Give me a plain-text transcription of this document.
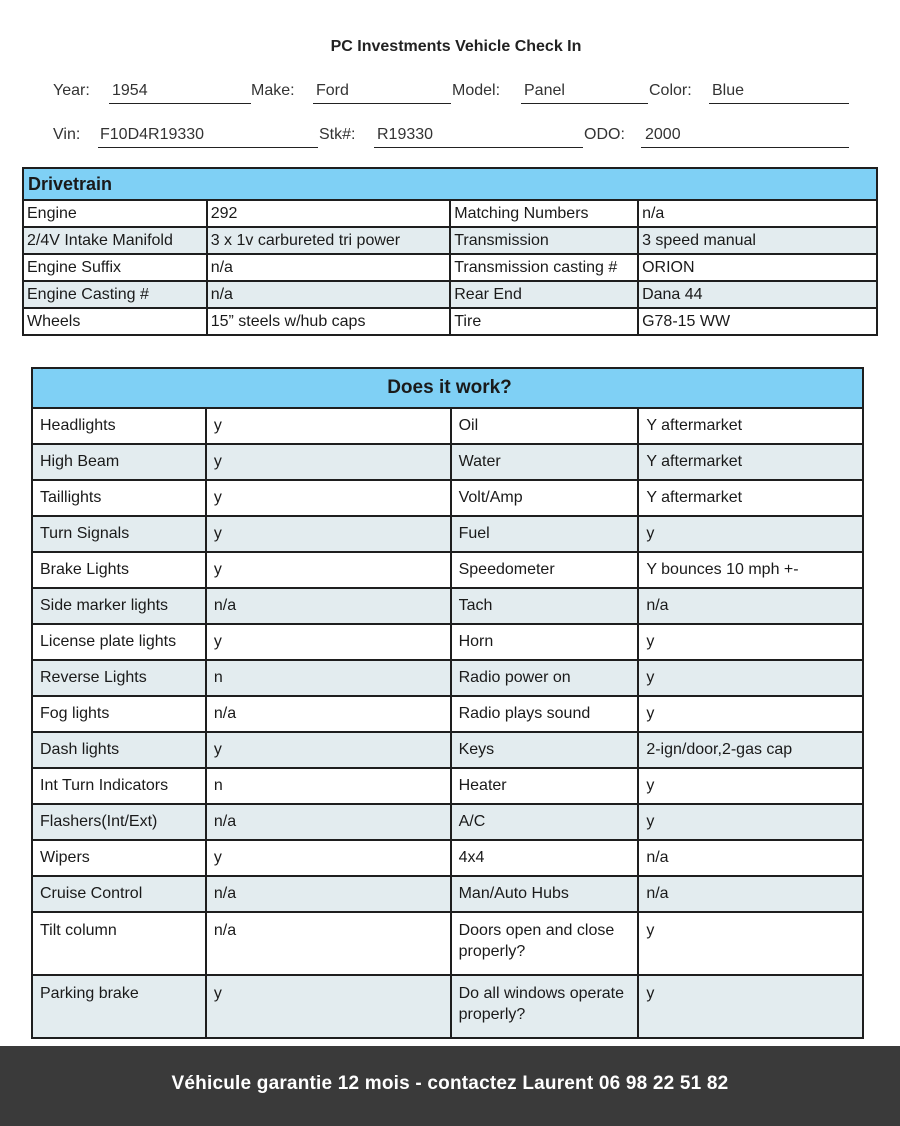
PC Investments Vehicle Check In
Year: 1954	Make: Ford	Model: Panel	Color: Blue
Vin: F10D4R19330	Stk#: R19330	ODO: 2000
Drivetrain			
Engine	292	Matching Numbers	n/a
2/4V Intake Manifold	3 x 1v carbureted tri power	Transmission	3 speed manual
Engine Suffix	n/a	Transmission casting #	ORION
Engine Casting #	n/a	Rear End	Dana 44
Wheels	15” steels w/hub caps	Tire	G78-15 WW
Does it work?			
Headlights	y	Oil	Y aftermarket
High Beam	y	Water	Y aftermarket
Taillights	y	Volt/Amp	Y aftermarket
Turn Signals	y	Fuel	y
Brake Lights	y	Speedometer	Y bounces 10 mph +-
Side marker lights	n/a	Tach	n/a
License plate lights	y	Horn	y
Reverse Lights	n	Radio power on	y
Fog lights	n/a	Radio plays sound	y
Dash lights	y	Keys	2-ign/door,2-gas cap
Int Turn Indicators	n	Heater	y
Flashers(Int/Ext)	n/a	A/C	y
Wipers	y	4x4	n/a
Cruise Control	n/a	Man/Auto Hubs	n/a
Tilt column	n/a	Doors open and close properly?	y
Parking brake	y	Do all windows operate properly?	y
Véhicule garantie 12 mois - contactez Laurent 06 98 22 51 82
